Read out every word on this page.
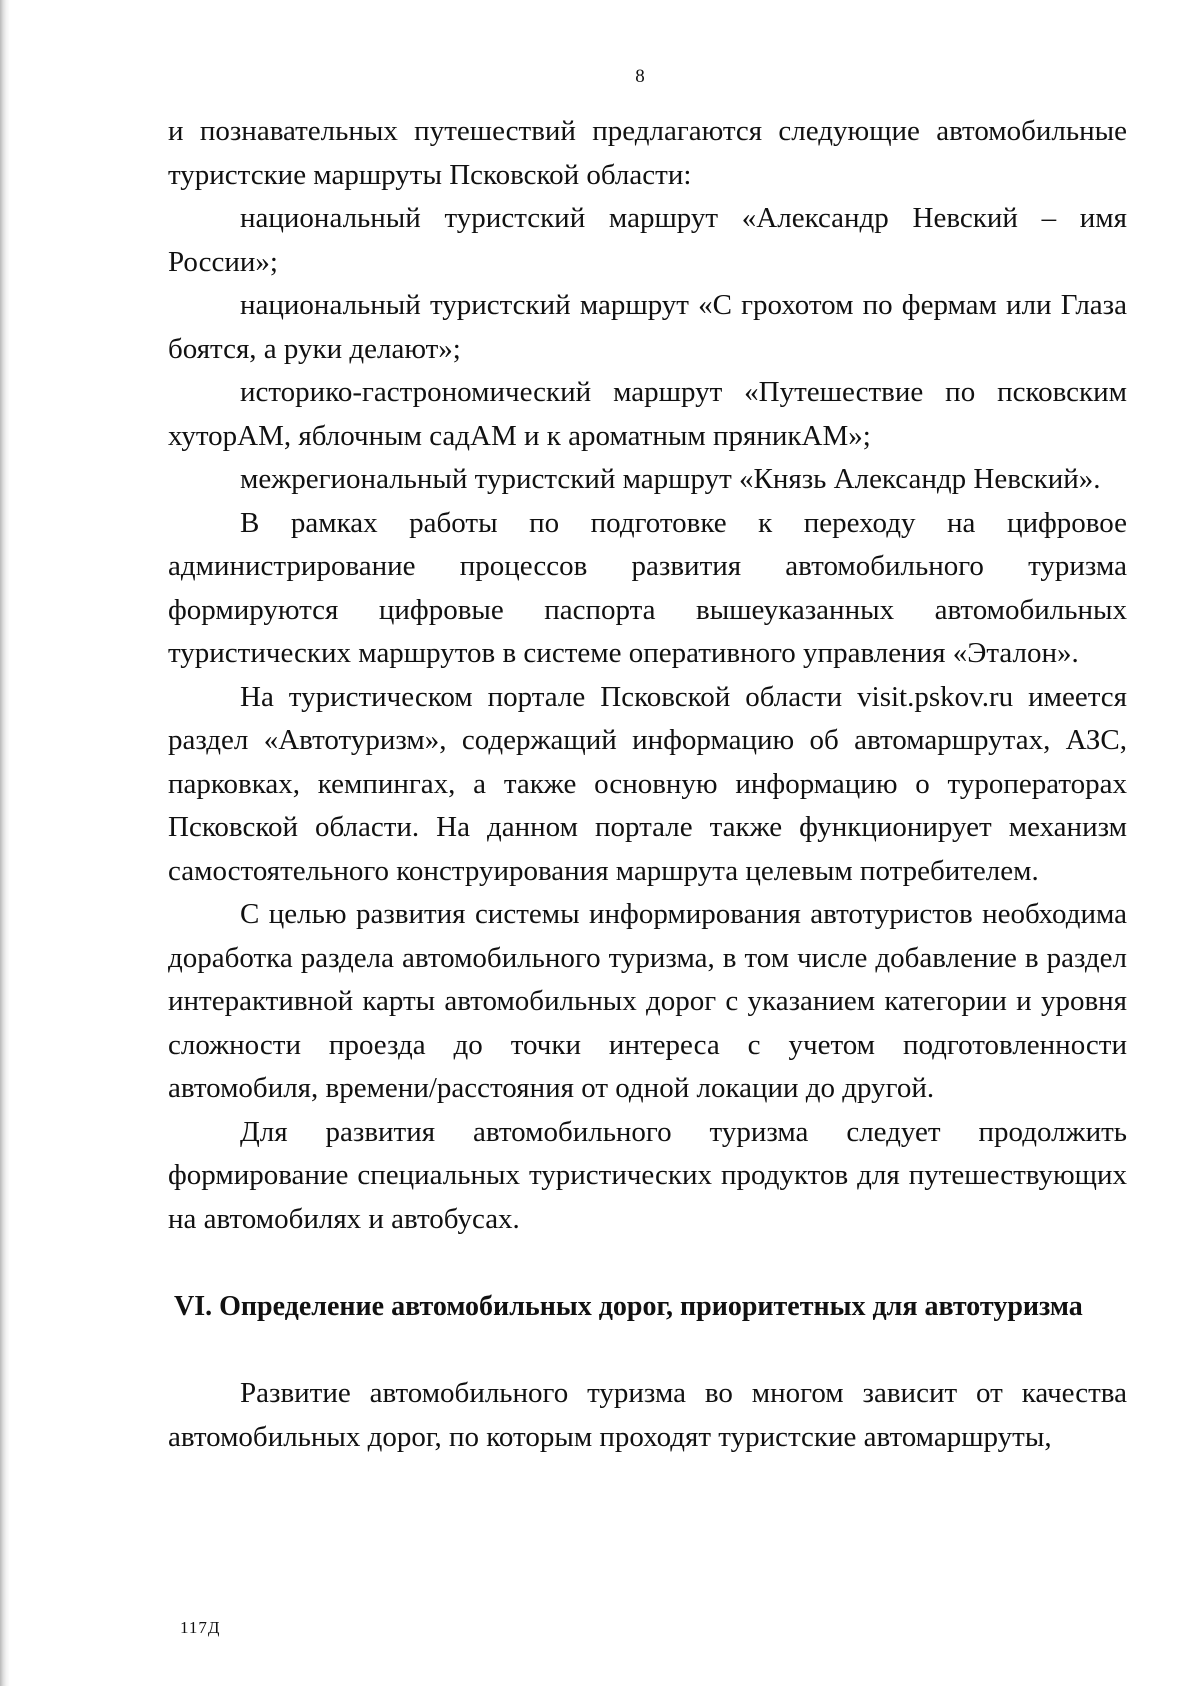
8

и познавательных путешествий предлагаются следующие автомобильные туристские маршруты Псковской области:

национальный туристский маршрут «Александр Невский – имя России»;

национальный туристский маршрут «С грохотом по фермам или Глаза боятся, а руки делают»;

историко-гастрономический маршрут «Путешествие по псковским хуторАМ, яблочным садАМ и к ароматным пряникАМ»;

межрегиональный туристский маршрут «Князь Александр Невский».

В рамках работы по подготовке к переходу на цифровое администрирование процессов развития автомобильного туризма формируются цифровые паспорта вышеуказанных автомобильных туристических маршрутов в системе оперативного управления «Эталон».

На туристическом портале Псковской области visit.pskov.ru имеется раздел «Автотуризм», содержащий информацию об автомаршрутах, АЗС, парковках, кемпингах, а также основную информацию о туроператорах Псковской области. На данном портале также функционирует механизм самостоятельного конструирования маршрута целевым потребителем.

С целью развития системы информирования автотуристов необходима доработка раздела автомобильного туризма, в том числе добавление в раздел интерактивной карты автомобильных дорог с указанием категории и уровня сложности проезда до точки интереса с учетом подготовленности автомобиля, времени/расстояния от одной локации до другой.

Для развития автомобильного туризма следует продолжить формирование специальных туристических продуктов для путешествующих на автомобилях и автобусах.

VI. Определение автомобильных дорог, приоритетных для автотуризма

Развитие автомобильного туризма во многом зависит от качества автомобильных дорог, по которым проходят туристские автомаршруты,

117Д
